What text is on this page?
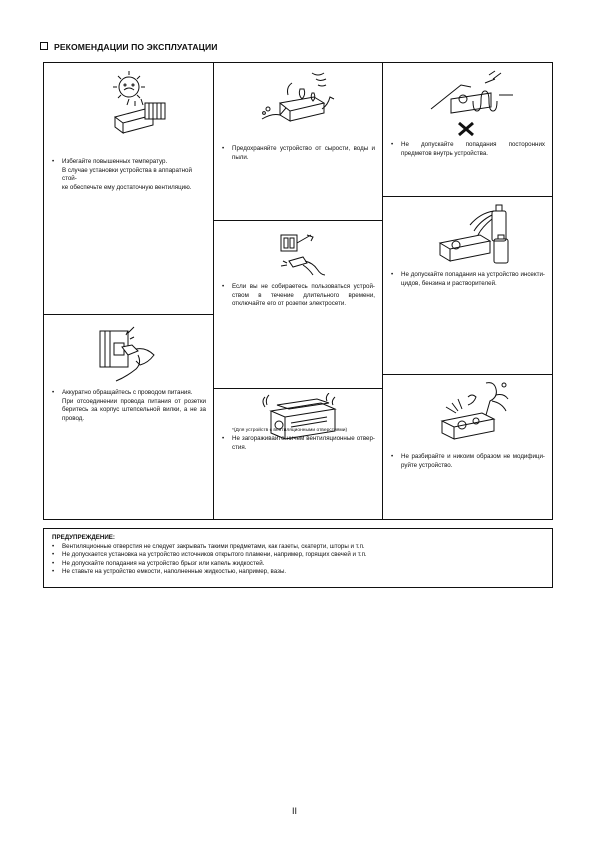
РЕКОМЕНДАЦИИ ПО ЭКСПЛУАТАЦИИ
• Избегайте повышенных температур.
В случае установки устройства в аппаратной стой-
ке обеспечьте ему достаточную вентиляцию.
• Аккуратно обращайтесь с проводом питания.
При отсоединении провода питания от розетки беритесь за корпус штепсельной вилки, а не за провод.
• Предохраняйте устройство от сырости, воды и пыли.
• Если вы не собираетесь пользоваться устрой-ством в течение длительного времени, отключайте его от розетки электросети.
*(Для устройств с вентиляционными отверстиями)
• Не загораживайте ничем вентиляционные отвер-стия.
• Не допускайте попадания посторонних предметов внутрь устройства.
• Не допускайте попадания на устройство инсекти-цидов, бензина и растворителей.
• Не разбирайте и никоим образом не модифици-руйте устройство.
ПРЕДУПРЕЖДЕНИЕ:
• Вентиляционные отверстия не следует закрывать такими предметами, как газеты, скатерти, шторы и т.п.
• Не допускается установка на устройство источников открытого пламени, например, горящих свечей и т.п.
• Не допускайте попадания на устройство брызг или капель жидкостей.
• Не ставьте на устройство емкости, наполненные жидкостью, например, вазы.
II
